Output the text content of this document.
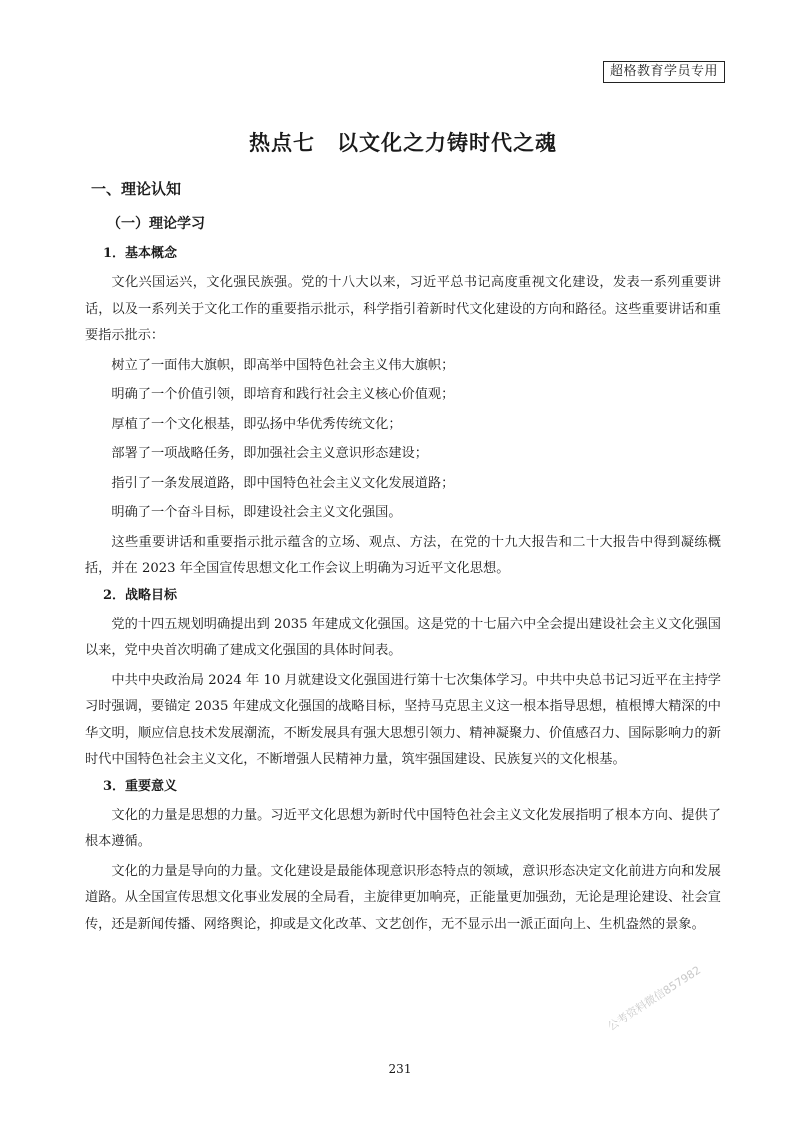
超格教育学员专用
热点七　以文化之力铸时代之魂
一、理论认知
（一）理论学习
1．基本概念

文化兴国运兴，文化强民族强。党的十八大以来，习近平总书记高度重视文化建设，发表一系列重要讲话，以及一系列关于文化工作的重要指示批示，科学指引着新时代文化建设的方向和路径。这些重要讲话和重要指示批示：

树立了一面伟大旗帜，即高举中国特色社会主义伟大旗帜；
明确了一个价值引领，即培育和践行社会主义核心价值观；
厚植了一个文化根基，即弘扬中华优秀传统文化；
部署了一项战略任务，即加强社会主义意识形态建设；
指引了一条发展道路，即中国特色社会主义文化发展道路；
明确了一个奋斗目标，即建设社会主义文化强国。

这些重要讲话和重要指示批示蕴含的立场、观点、方法，在党的十九大报告和二十大报告中得到凝练概括，并在 2023 年全国宣传思想文化工作会议上明确为习近平文化思想。

2．战略目标

党的十四五规划明确提出到 2035 年建成文化强国。这是党的十七届六中全会提出建设社会主义文化强国以来，党中央首次明确了建成文化强国的具体时间表。

中共中央政治局 2024 年 10 月就建设文化强国进行第十七次集体学习。中共中央总书记习近平在主持学习时强调，要锚定 2035 年建成文化强国的战略目标，坚持马克思主义这一根本指导思想，植根博大精深的中华文明，顺应信息技术发展潮流，不断发展具有强大思想引领力、精神凝聚力、价值感召力、国际影响力的新时代中国特色社会主义文化，不断增强人民精神力量，筑牢强国建设、民族复兴的文化根基。

3．重要意义

文化的力量是思想的力量。习近平文化思想为新时代中国特色社会主义文化发展指明了根本方向、提供了根本遵循。

文化的力量是导向的力量。文化建设是最能体现意识形态特点的领域，意识形态决定文化前进方向和发展道路。从全国宣传思想文化事业发展的全局看，主旋律更加响亮，正能量更加强劲，无论是理论建设、社会宣传，还是新闻传播、网络舆论，抑或是文化改革、文艺创作，无不显示出一派正面向上、生机盎然的景象。

公考资料微信857982
231
